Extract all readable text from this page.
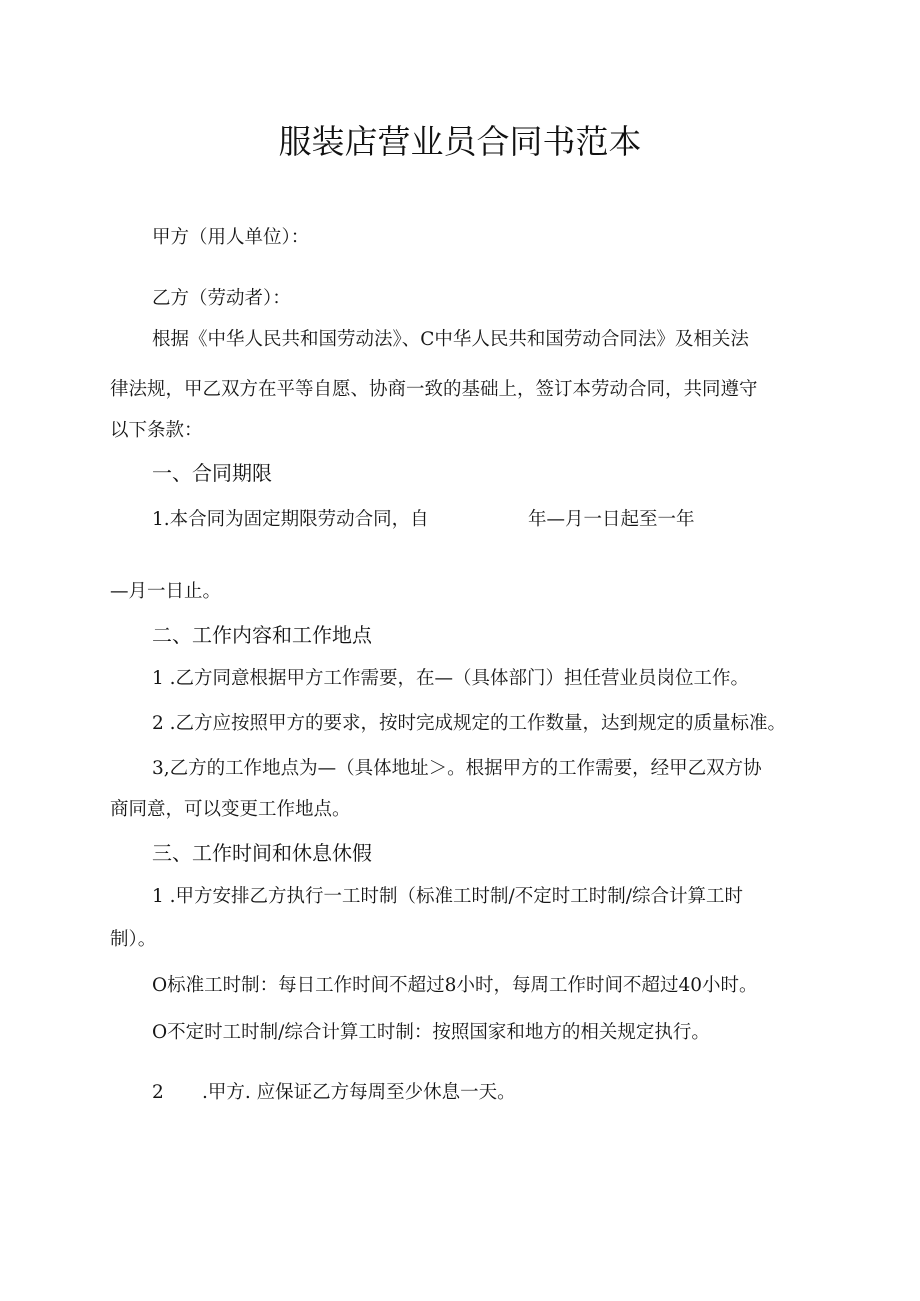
服装店营业员合同书范本
甲方（用人单位）：
乙方（劳动者）：
根据《中华人民共和国劳动法》、C中华人民共和国劳动合同法》及相关法
律法规，甲乙双方在平等自愿、协商一致的基础上，签订本劳动合同，共同遵守
以下条款：
一、合同期限
1.本合同为固定期限劳动合同，自	年—月一日起至一年
—月一日止。
二、工作内容和工作地点
1 .乙方同意根据甲方工作需要，在—（具体部门）担任营业员岗位工作。
2 .乙方应按照甲方的要求，按时完成规定的工作数量，达到规定的质量标准。
3,乙方的工作地点为—（具体地址＞。根据甲方的工作需要，经甲乙双方协
商同意，可以变更工作地点。
三、工作时间和休息休假
1 .甲方安排乙方执行一工时制（标准工时制/不定时工时制/综合计算工时
制）。
O标准工时制：每日工作时间不超过8小时，每周工作时间不超过40小时。
O不定时工时制/综合计算工时制：按照国家和地方的相关规定执行。
2 .甲方. 应保证乙方每周至少休息一天。
